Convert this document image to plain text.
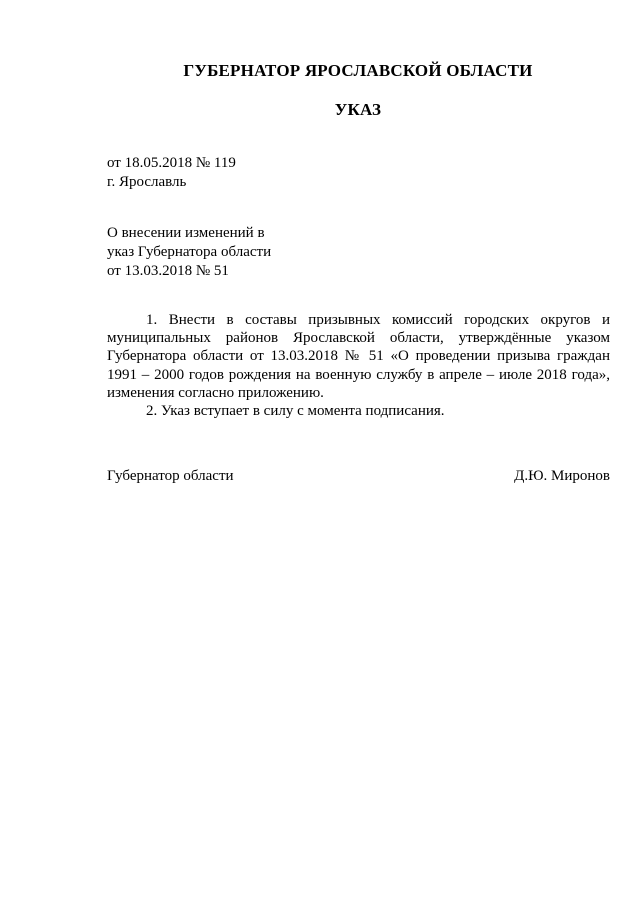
ГУБЕРНАТОР ЯРОСЛАВСКОЙ ОБЛАСТИ
УКАЗ
от 18.05.2018 № 119
г. Ярославль
О внесении изменений в
указ Губернатора области
от 13.03.2018 № 51

1. Внести в составы призывных комиссий городских округов и муниципальных районов Ярославской области, утверждённые указом Губернатора области от 13.03.2018 № 51 «О проведении призыва граждан 1991 – 2000 годов рождения на военную службу в апреле – июле 2018 года», изменения согласно приложению.

2. Указ вступает в силу с момента подписания.

Губернатор области	Д.Ю. Миронов
